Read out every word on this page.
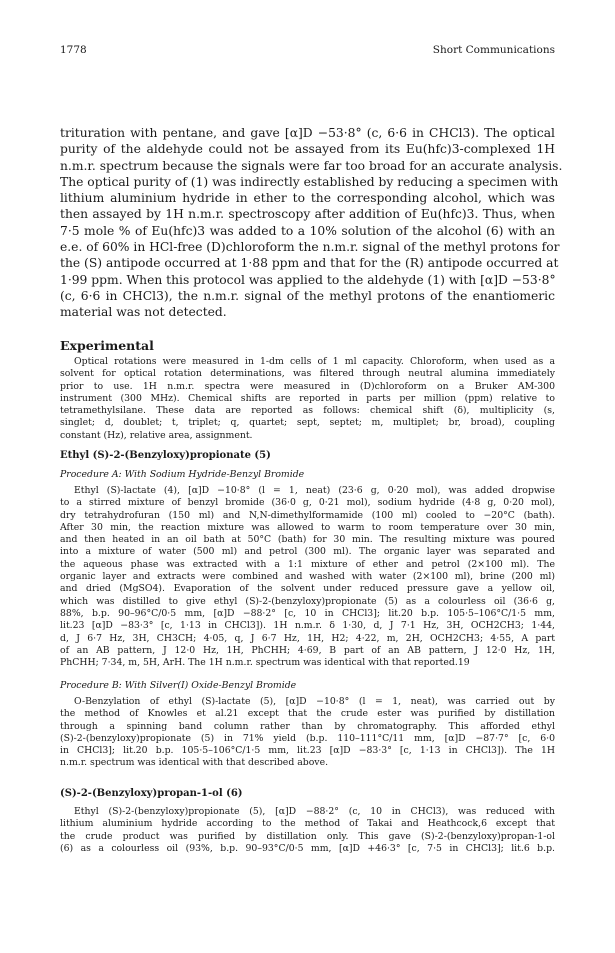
1778	Short Communications
trituration with pentane, and gave [α]D −53·8° (c, 6·6 in CHCl3). The optical
purity of the aldehyde could not be assayed from its Eu(hfc)3-complexed 1H
n.m.r. spectrum because the signals were far too broad for an accurate analysis.
The optical purity of (1) was indirectly established by reducing a specimen with
lithium aluminium hydride in ether to the corresponding alcohol, which was
then assayed by 1H n.m.r. spectroscopy after addition of Eu(hfc)3. Thus, when
7·5 mole % of Eu(hfc)3 was added to a 10% solution of the alcohol (6) with an
e.e. of 60% in HCl-free (D)chloroform the n.m.r. signal of the methyl protons for
the (S) antipode occurred at 1·88 ppm and that for the (R) antipode occurred at
1·99 ppm. When this protocol was applied to the aldehyde (1) with [α]D −53·8°
(c, 6·6 in CHCl3), the n.m.r. signal of the methyl protons of the enantiomeric
material was not detected.
Experimental
Optical rotations were measured in 1-dm cells of 1 ml capacity. Chloroform, when used as a
solvent for optical rotation determinations, was filtered through neutral alumina immediately
prior to use. 1H n.m.r. spectra were measured in (D)chloroform on a Bruker AM-300
instrument (300 MHz). Chemical shifts are reported in parts per million (ppm) relative to
tetramethylsilane. These data are reported as follows: chemical shift (δ), multiplicity (s,
singlet; d, doublet; t, triplet; q, quartet; sept, septet; m, multiplet; br, broad), coupling
constant (Hz), relative area, assignment.
Ethyl (S)-2-(Benzyloxy)propionate (5)
Procedure A: With Sodium Hydride-Benzyl Bromide
Ethyl (S)-lactate (4), [α]D −10·8° (l = 1, neat) (23·6 g, 0·20 mol), was added dropwise
to a stirred mixture of benzyl bromide (36·0 g, 0·21 mol), sodium hydride (4·8 g, 0·20 mol),
dry tetrahydrofuran (150 ml) and N,N-dimethylformamide (100 ml) cooled to −20°C (bath).
After 30 min, the reaction mixture was allowed to warm to room temperature over 30 min,
and then heated in an oil bath at 50°C (bath) for 30 min. The resulting mixture was poured
into a mixture of water (500 ml) and petrol (300 ml). The organic layer was separated and
the aqueous phase was extracted with a 1:1 mixture of ether and petrol (2×100 ml). The
organic layer and extracts were combined and washed with water (2×100 ml), brine (200 ml)
and dried (MgSO4). Evaporation of the solvent under reduced pressure gave a yellow oil,
which was distilled to give ethyl (S)-2-(benzyloxy)propionate (5) as a colourless oil (36·6 g,
88%, b.p. 90–96°C/0·5 mm, [α]D −88·2° [c, 10 in CHCl3]; lit.20 b.p. 105·5–106°C/1·5 mm,
lit.23 [α]D −83·3° [c, 1·13 in CHCl3]). 1H n.m.r. δ 1·30, d, J 7·1 Hz, 3H, OCH2CH3; 1·44,
d, J 6·7 Hz, 3H, CH3CH; 4·05, q, J 6·7 Hz, 1H, H2; 4·22, m, 2H, OCH2CH3; 4·55, A part
of an AB pattern, J 12·0 Hz, 1H, PhCHH; 4·69, B part of an AB pattern, J 12·0 Hz, 1H,
PhCHH; 7·34, m, 5H, ArH. The 1H n.m.r. spectrum was identical with that reported.19
Procedure B: With Silver(I) Oxide-Benzyl Bromide
O-Benzylation of ethyl (S)-lactate (5), [α]D −10·8° (l = 1, neat), was carried out by
the method of Knowles et al.21 except that the crude ester was purified by distillation
through a spinning band column rather than by chromatography. This afforded ethyl
(S)-2-(benzyloxy)propionate (5) in 71% yield (b.p. 110–111°C/11 mm, [α]D −87·7° [c, 6·0
in CHCl3]; lit.20 b.p. 105·5–106°C/1·5 mm, lit.23 [α]D −83·3° [c, 1·13 in CHCl3]). The 1H
n.m.r. spectrum was identical with that described above.
(S)-2-(Benzyloxy)propan-1-ol (6)
Ethyl (S)-2-(benzyloxy)propionate (5), [α]D −88·2° (c, 10 in CHCl3), was reduced with
lithium aluminium hydride according to the method of Takai and Heathcock,6 except that
the crude product was purified by distillation only. This gave (S)-2-(benzyloxy)propan-1-ol
(6) as a colourless oil (93%, b.p. 90–93°C/0·5 mm, [α]D +46·3° [c, 7·5 in CHCl3]; lit.6 b.p.
